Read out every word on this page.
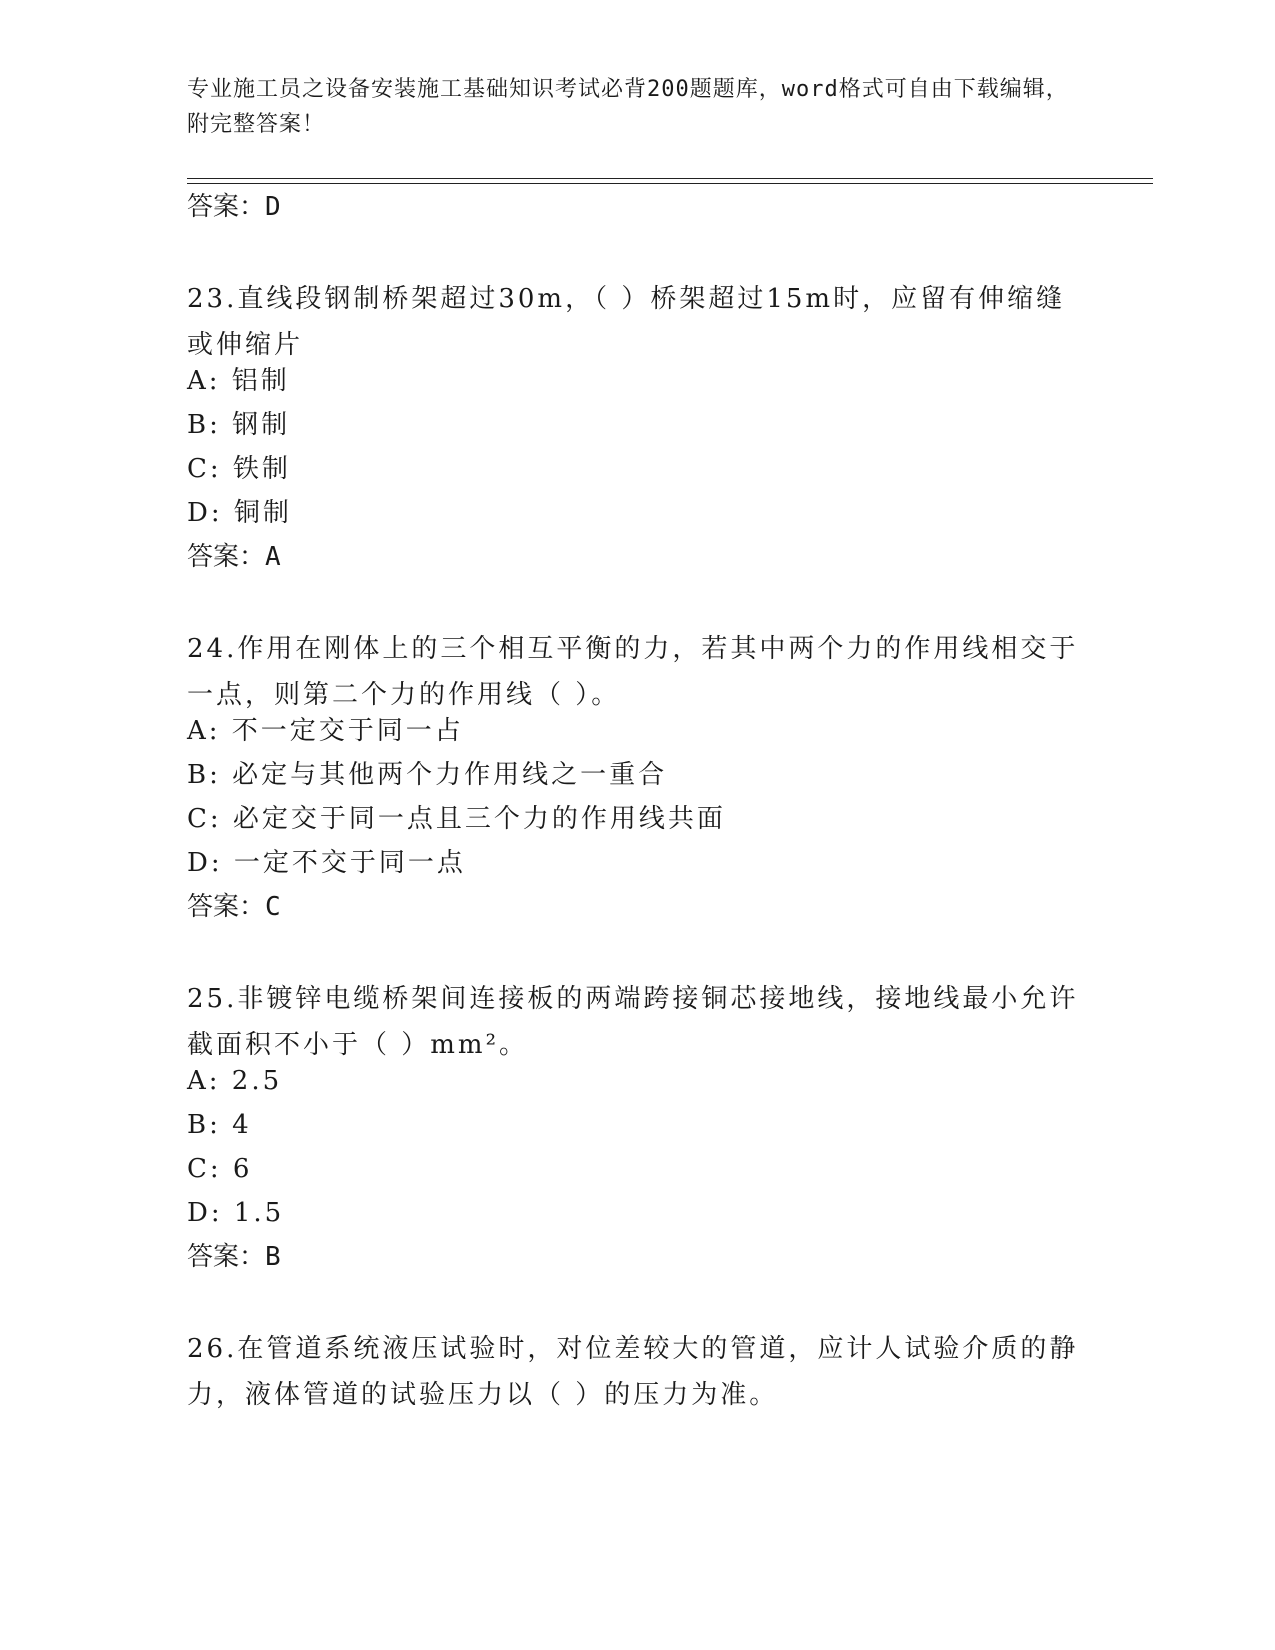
专业施工员之设备安装施工基础知识考试必背200题题库，word格式可自由下载编辑，附完整答案！
答案：D
23.直线段钢制桥架超过30m，（ ）桥架超过15m时，应留有伸缩缝或伸缩片
A: 铝制
B: 钢制
C: 铁制
D: 铜制
答案：A
24.作用在刚体上的三个相互平衡的力，若其中两个力的作用线相交于一点，则第二个力的作用线（ ）。
A: 不一定交于同一占
B: 必定与其他两个力作用线之一重合
C: 必定交于同一点且三个力的作用线共面
D: 一定不交于同一点
答案：C
25.非镀锌电缆桥架间连接板的两端跨接铜芯接地线，接地线最小允许截面积不小于（ ）mm²。
A: 2.5
B: 4
C: 6
D: 1.5
答案：B
26.在管道系统液压试验时，对位差较大的管道，应计人试验介质的静力，液体管道的试验压力以（ ）的压力为准。
